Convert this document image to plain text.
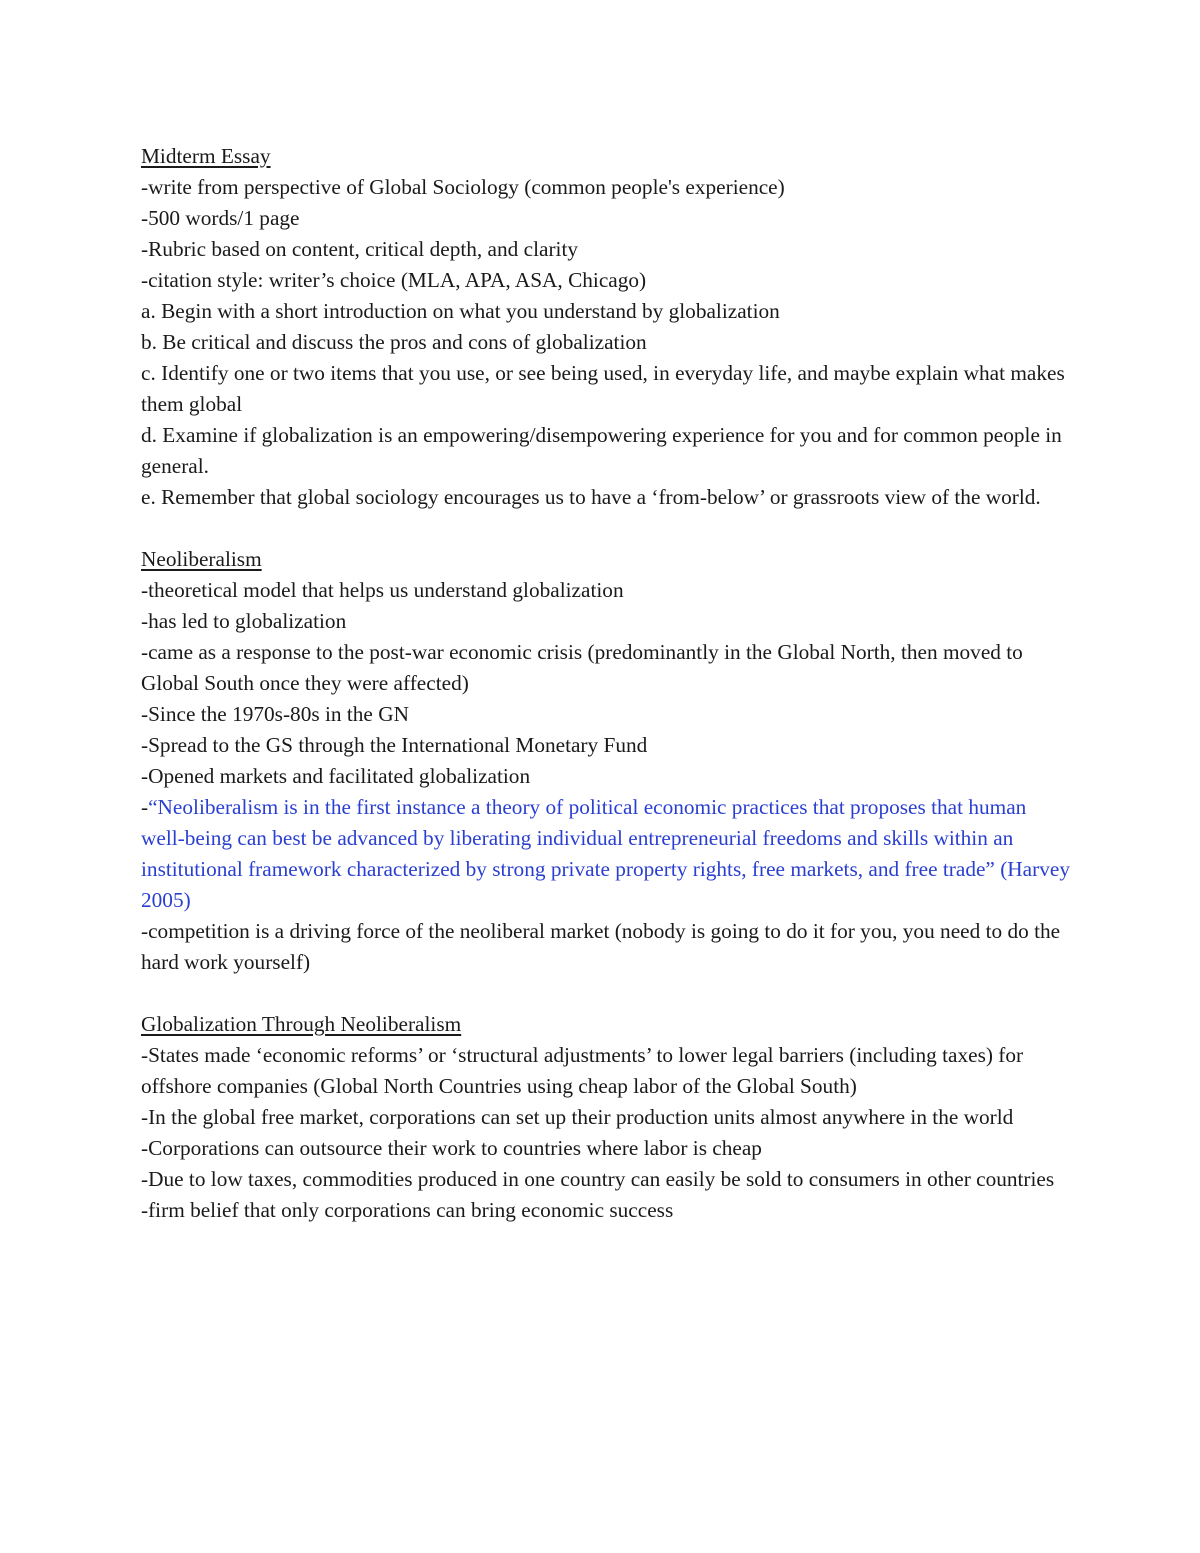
Midterm Essay
-write from perspective of Global Sociology (common people's experience)
-500 words/1 page
-Rubric based on content, critical depth, and clarity
-citation style: writer’s choice (MLA, APA, ASA, Chicago)
a. Begin with a short introduction on what you understand by globalization
b. Be critical and discuss the pros and cons of globalization
c. Identify one or two items that you use, or see being used, in everyday life, and maybe explain what makes them global
d. Examine if globalization is an empowering/disempowering experience for you and for common people in general.
e. Remember that global sociology encourages us to have a ‘from-below’ or grassroots view of the world.
Neoliberalism
-theoretical model that helps us understand globalization
-has led to globalization
-came as a response to the post-war economic crisis (predominantly in the Global North, then moved to Global South once they were affected)
-Since the 1970s-80s in the GN
-Spread to the GS through the International Monetary Fund
-Opened markets and facilitated globalization
-“Neoliberalism is in the first instance a theory of political economic practices that proposes that human well-being can best be advanced by liberating individual entrepreneurial freedoms and skills within an institutional framework characterized by strong private property rights, free markets, and free trade” (Harvey 2005)
-competition is a driving force of the neoliberal market (nobody is going to do it for you, you need to do the hard work yourself)
Globalization Through Neoliberalism
-States made ‘economic reforms’ or ‘structural adjustments’ to lower legal barriers (including taxes) for offshore companies (Global North Countries using cheap labor of the Global South)
-In the global free market, corporations can set up their production units almost anywhere in the world
-Corporations can outsource their work to countries where labor is cheap
-Due to low taxes, commodities produced in one country can easily be sold to consumers in other countries
-firm belief that only corporations can bring economic success
